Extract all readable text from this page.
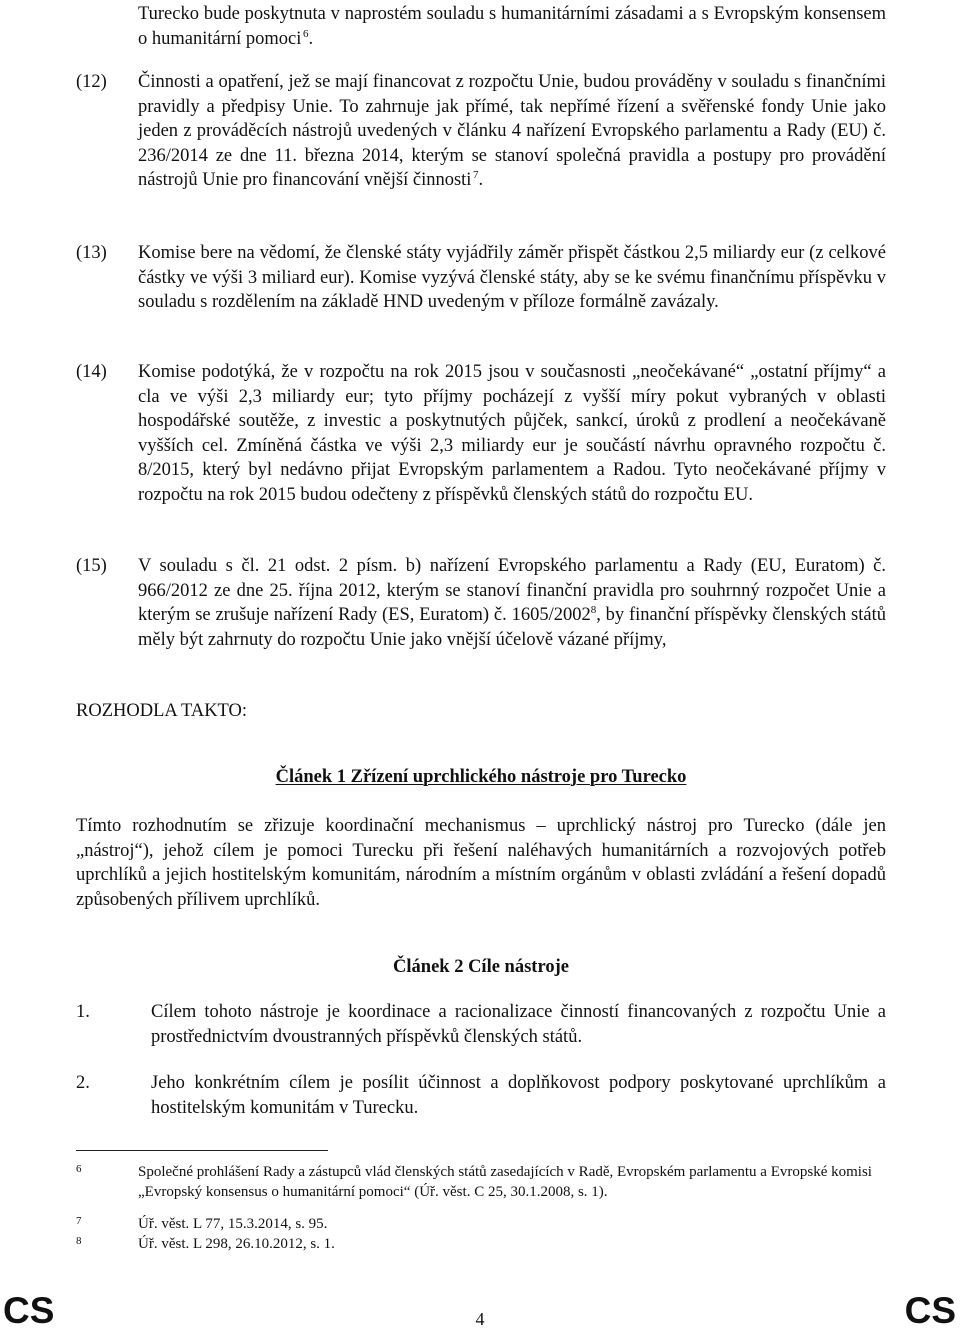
Turecko bude poskytnuta v naprostém souladu s humanitárními zásadami a s Evropským konsensem o humanitární pomoci  $^6$.

(12)	Činnosti a opatření, jež se mají financovat z rozpočtu Unie, budou prováděny v souladu s finančními pravidly a předpisy Unie. To zahrnuje jak přímé, tak nepřímé řízení a svěřenské fondy Unie jako jeden z prováděcích nástrojů uvedených v článku 4 nařízení Evropského parlamentu a Rady (EU) č. 236/2014 ze dne 11. března 2014, kterým se stanoví společná pravidla a postupy pro provádění nástrojů Unie pro financování vnější činnosti  $^7$.
(13)	Komise bere na vědomí, že členské státy vyjádřily záměr přispět částkou 2,5 miliardy eur (z celkové částky ve výši 3 miliard eur). Komise vyzývá členské státy, aby se ke svému finančnímu příspěvku v souladu s rozdělením na základě HND uvedeným v příloze formálně zavázaly.
(14)	Komise podotýká, že v rozpočtu na rok 2015 jsou v současnosti „neočekávané“ „ostatní příjmy“ a cla ve výši 2,3 miliardy eur; tyto příjmy pocházejí z vyšší míry pokut vybraných v oblasti hospodářské soutěže, z investic a poskytnutých půjček, sankcí, úroků z prodlení a neočekávaně vyšších cel. Zmíněná částka ve výši 2,3 miliardy eur je součástí návrhu opravného rozpočtu č. 8/2015, který byl nedávno přijat Evropským parlamentem a Radou. Tyto neočekávané příjmy v rozpočtu na rok 2015 budou odečteny z příspěvků členských států do rozpočtu EU.
(15)	V souladu s čl. 21 odst. 2 písm. b) nařízení Evropského parlamentu a Rady (EU, Euratom) č. 966/2012 ze dne 25. října 2012, kterým se stanoví finanční pravidla pro souhrnný rozpočet Unie a kterým se zrušuje nařízení Rady (ES, Euratom) č. 1605/2002$^8$, by finanční příspěvky členských států měly být zahrnuty do rozpočtu Unie jako vnější účelově vázané příjmy,

ROZHODLA TAKTO:

Článek 1 Zřízení uprchlického nástroje pro Turecko

Tímto rozhodnutím se zřizuje koordinační mechanismus – uprchlický nástroj pro Turecko (dále jen „nástroj“), jehož cílem je pomoci Turecku při řešení naléhavých humanitárních a rozvojových potřeb uprchlíků a jejich hostitelským komunitám, národním a místním orgánům v oblasti zvládání a řešení dopadů způsobených přílivem uprchlíků.

Článek 2 Cíle nástroje
1.	Cílem tohoto nástroje je koordinace a racionalizace činností financovaných z rozpočtu Unie a prostřednictvím dvoustranných příspěvků členských států.
2.	Jeho konkrétním cílem je posílit účinnost a doplňkovost podpory poskytované uprchlíkům a hostitelským komunitám v Turecku.
6	Společné prohlášení Rady a zástupců vlád členských států zasedajících v Radě, Evropském parlamentu a Evropské komisi „Evropský konsensus o humanitární pomoci“ (Úř. věst. C 25, 30.1.2008, s. 1).
7	Úř. věst. L 77, 15.3.2014, s. 95.
8	Úř. věst. L 298, 26.10.2012, s. 1.
CS	4	CS
